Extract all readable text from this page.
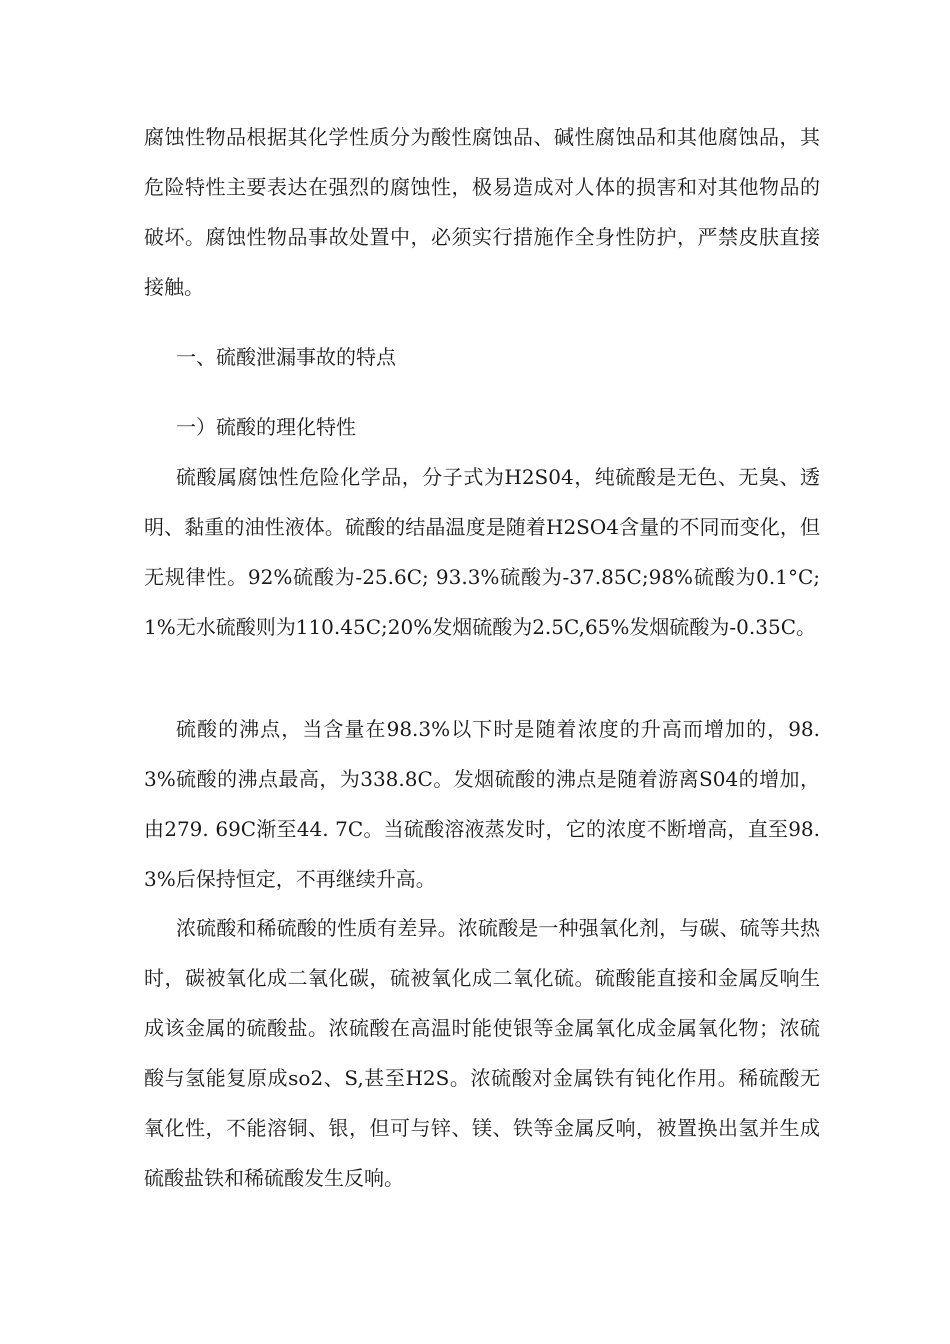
腐蚀性物品根据其化学性质分为酸性腐蚀品、碱性腐蚀品和其他腐蚀品，其危险特性主要表达在强烈的腐蚀性，极易造成对人体的损害和对其他物品的破坏。腐蚀性物品事故处置中，必须实行措施作全身性防护，严禁皮肤直接接触。

一、硫酸泄漏事故的特点

一）硫酸的理化特性

硫酸属腐蚀性危险化学品，分子式为H2S04，纯硫酸是无色、无臭、透明、黏重的油性液体。硫酸的结晶温度是随着H2SO4含量的不同而变化，但无规律性。92%硫酸为-25.6C; 93.3%硫酸为-37.85C;98%硫酸为0.1°C; 1%无水硫酸则为110.45C;20%发烟硫酸为2.5C,65%发烟硫酸为-0.35C。

硫酸的沸点，当含量在98.3%以下时是随着浓度的升高而增加的，98.3%硫酸的沸点最高，为338.8C。发烟硫酸的沸点是随着游离S04的增加，由279. 69C渐至44. 7C。当硫酸溶液蒸发时，它的浓度不断增高，直至98.3%后保持恒定，不再继续升高。

浓硫酸和稀硫酸的性质有差异。浓硫酸是一种强氧化剂，与碳、硫等共热时，碳被氧化成二氧化碳，硫被氧化成二氧化硫。硫酸能直接和金属反响生成该金属的硫酸盐。浓硫酸在高温时能使银等金属氧化成金属氧化物；浓硫酸与氢能复原成so2、S,甚至H2S。浓硫酸对金属铁有钝化作用。稀硫酸无氧化性，不能溶铜、银，但可与锌、镁、铁等金属反响，被置换出氢并生成硫酸盐铁和稀硫酸发生反响。
